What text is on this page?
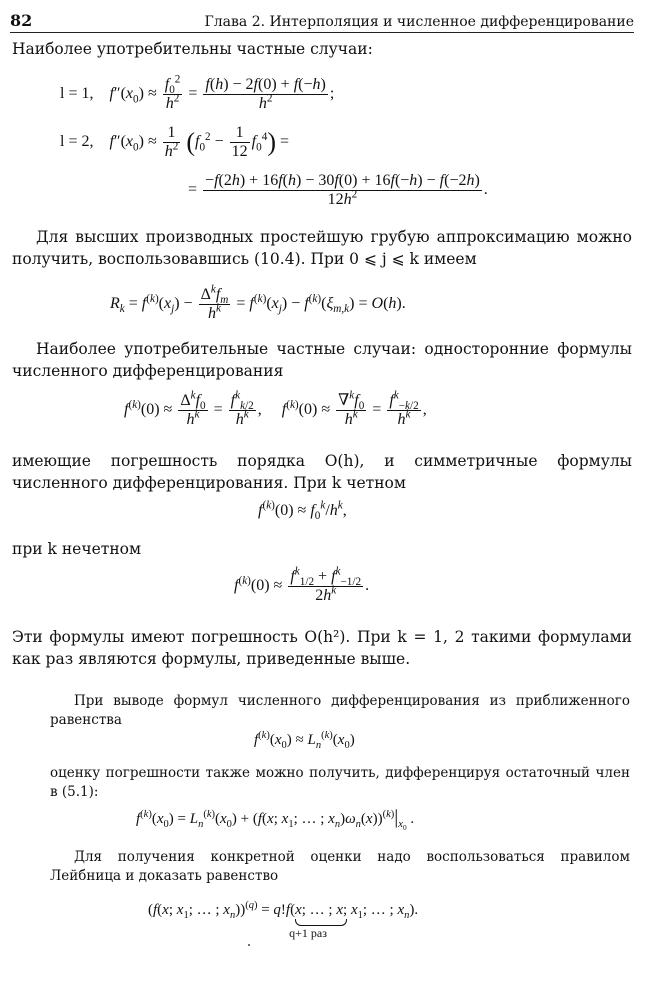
82	Глава 2. Интерполяция и численное дифференцирование
Наиболее употребительны частные случаи:
l = 1, $f''(x_0) \approx \frac{f_0^2}{h^2} = \frac{f(h) - 2f(0) + f(-h)}{h^2}$ ;
l = 2, $f''(x_0) \approx \frac{1}{h^2} (f_0^2 - \frac{1}{12} f_0^4)$ =
= $\frac{-f(2h) + 16f(h) - 30f(0) + 16f(-h) - f(-2h)}{12h^2}$ .
Для высших производных простейшую грубую аппроксимацию можно получить, воспользовавшись (10.4). При 0 ⩽ j ⩽ k имеем
$R_k = f^{(k)}(x_j) - \frac{\Delta^kf_m}{h^k} = f^{(k)}(x_j) - f^{(k)}(\xi_{m,k}) = O(h)$.
Наиболее употребительные частные случаи: односторонние формулы численного дифференцирования
$f^{(k)}(0) \approx \frac{\Delta^kf_0}{h^k} = \frac{f^k_{k/2}}{h^k}$ ,     $f^{(k)}(0) \approx \frac{\nabla^kf_0}{h^k} = \frac{f^k_{-k/2}}{h^k}$ ,
имеющие погрешность порядка O(h), и симметричные формулы численного дифференцирования. При k четном
$f^{(k)}(0) \approx f_0^k/h^k$,
при k нечетном
$f^{(k)}(0) \approx \frac{f^k_{1/2} + f^k_{-1/2}}{2h^k}$ .
Эти формулы имеют погрешность O(h²). При k = 1, 2 такими формулами как раз являются формулы, приведенные выше.
При выводе формул численного дифференцирования из приближенного равенства
$f^{(k)}(x_0) \approx L_n^{(k)}(x_0)$
оценку погрешности также можно получить, дифференцируя остаточный член в (5.1):
$f^{(k)}(x_0) = L_n^{(k)}(x_0) + (f(x$; $x_1$; … ; $x_n)\omega_n(x))^{(k)}|_{x_0}$ .
Для получения конкретной оценки надо воспользоваться правилом Лейбница и доказать равенство
(f(x; $x_1$; … ; $x_n))^{(q)} = q!f(x$; … ; x;
q+1 раз
$x_1$; … ; $x_n$).
